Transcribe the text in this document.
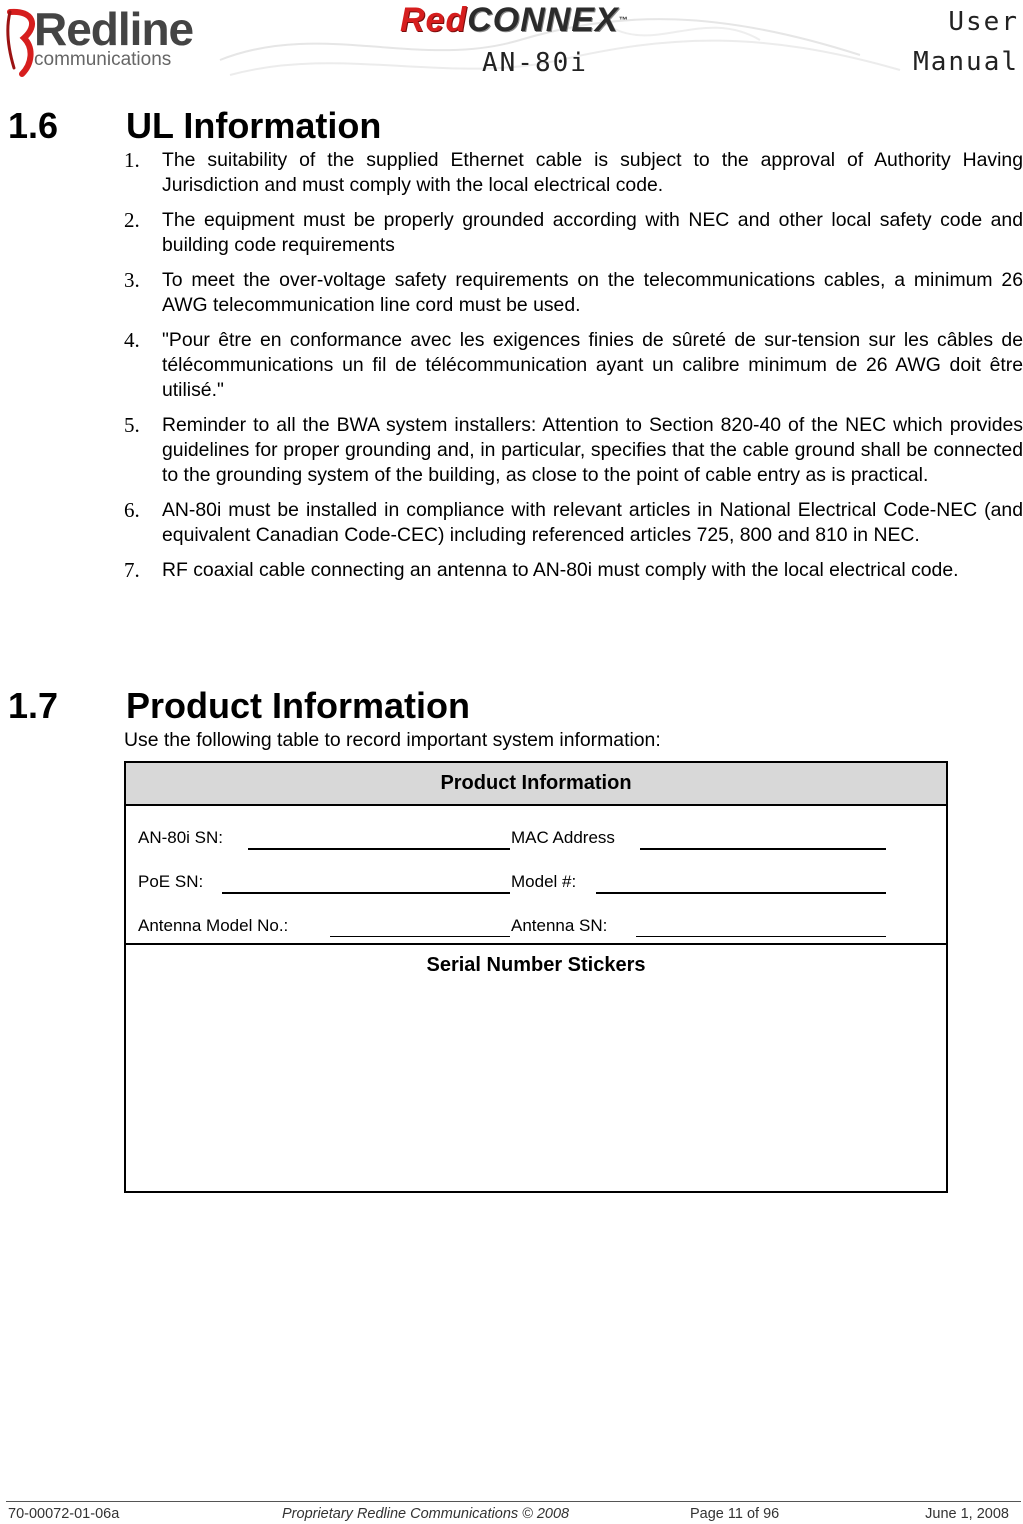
Redline
communications
RedCONNEX™
AN-80i
User
Manual
1.6 UL Information
1. The suitability of the supplied Ethernet cable is subject to the approval of Authority Having Jurisdiction and must comply with the local electrical code.
2. The equipment must be properly grounded according with NEC and other local safety code and building code requirements
3. To meet the over-voltage safety requirements on the telecommunications cables, a minimum 26 AWG telecommunication line cord must be used.
4. "Pour être en conformance avec les exigences finies de sûreté de sur-tension sur les câbles de télécommunications un fil de télécommunication ayant un calibre minimum de 26 AWG doit être utilisé."
5. Reminder to all the BWA system installers: Attention to Section 820-40 of the NEC which provides guidelines for proper grounding and, in particular, specifies that the cable ground shall be connected to the grounding system of the building, as close to the point of cable entry as is practical.
6. AN-80i must be installed in compliance with relevant articles in National Electrical Code-NEC (and equivalent Canadian Code-CEC) including referenced articles 725, 800 and 810 in NEC.
7. RF coaxial cable connecting an antenna to AN-80i must comply with the local electrical code.
1.7 Product Information
Use the following table to record important system information:
Product Information
AN-80i SN:	MAC Address
PoE SN:	Model #:
Antenna Model No.:	Antenna SN:
Serial Number Stickers
70-00072-01-06a	Proprietary Redline Communications © 2008	Page 11 of 96	June 1, 2008
